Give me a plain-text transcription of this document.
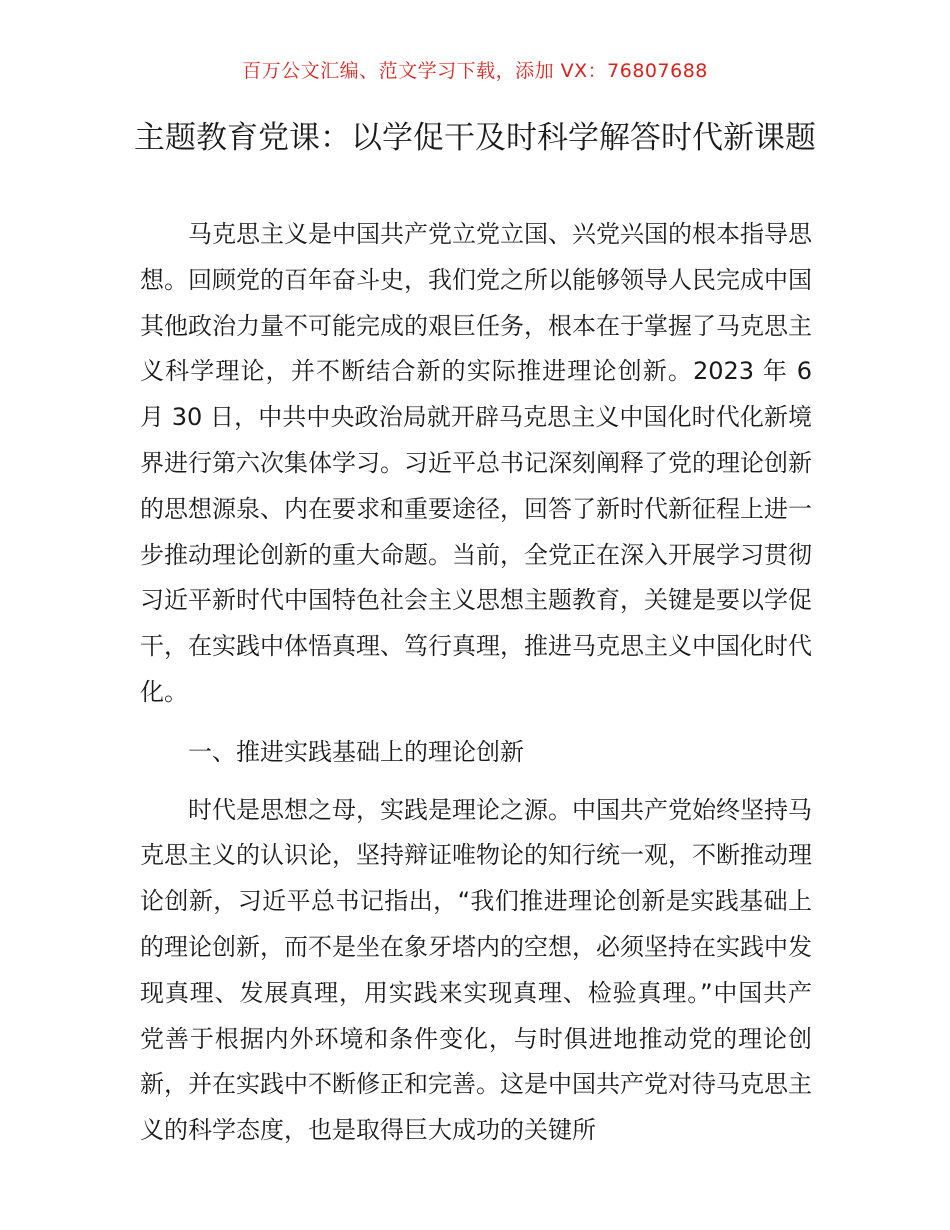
百万公文汇编、范文学习下载，添加 VX：76807688
主题教育党课：以学促干及时科学解答时代新课题

马克思主义是中国共产党立党立国、兴党兴国的根本指导思想。回顾党的百年奋斗史，我们党之所以能够领导人民完成中国其他政治力量不可能完成的艰巨任务，根本在于掌握了马克思主义科学理论，并不断结合新的实际推进理论创新。2023 年 6 月 30 日，中共中央政治局就开辟马克思主义中国化时代化新境界进行第六次集体学习。习近平总书记深刻阐释了党的理论创新的思想源泉、内在要求和重要途径，回答了新时代新征程上进一步推动理论创新的重大命题。当前，全党正在深入开展学习贯彻习近平新时代中国特色社会主义思想主题教育，关键是要以学促干，在实践中体悟真理、笃行真理，推进马克思主义中国化时代化。

一、推进实践基础上的理论创新

时代是思想之母，实践是理论之源。中国共产党始终坚持马克思主义的认识论，坚持辩证唯物论的知行统一观，不断推动理论创新，习近平总书记指出，“我们推进理论创新是实践基础上的理论创新，而不是坐在象牙塔内的空想，必须坚持在实践中发现真理、发展真理，用实践来实现真理、检验真理。”中国共产党善于根据内外环境和条件变化，与时俱进地推动党的理论创新，并在实践中不断修正和完善。这是中国共产党对待马克思主义的科学态度，也是取得巨大成功的关键所
